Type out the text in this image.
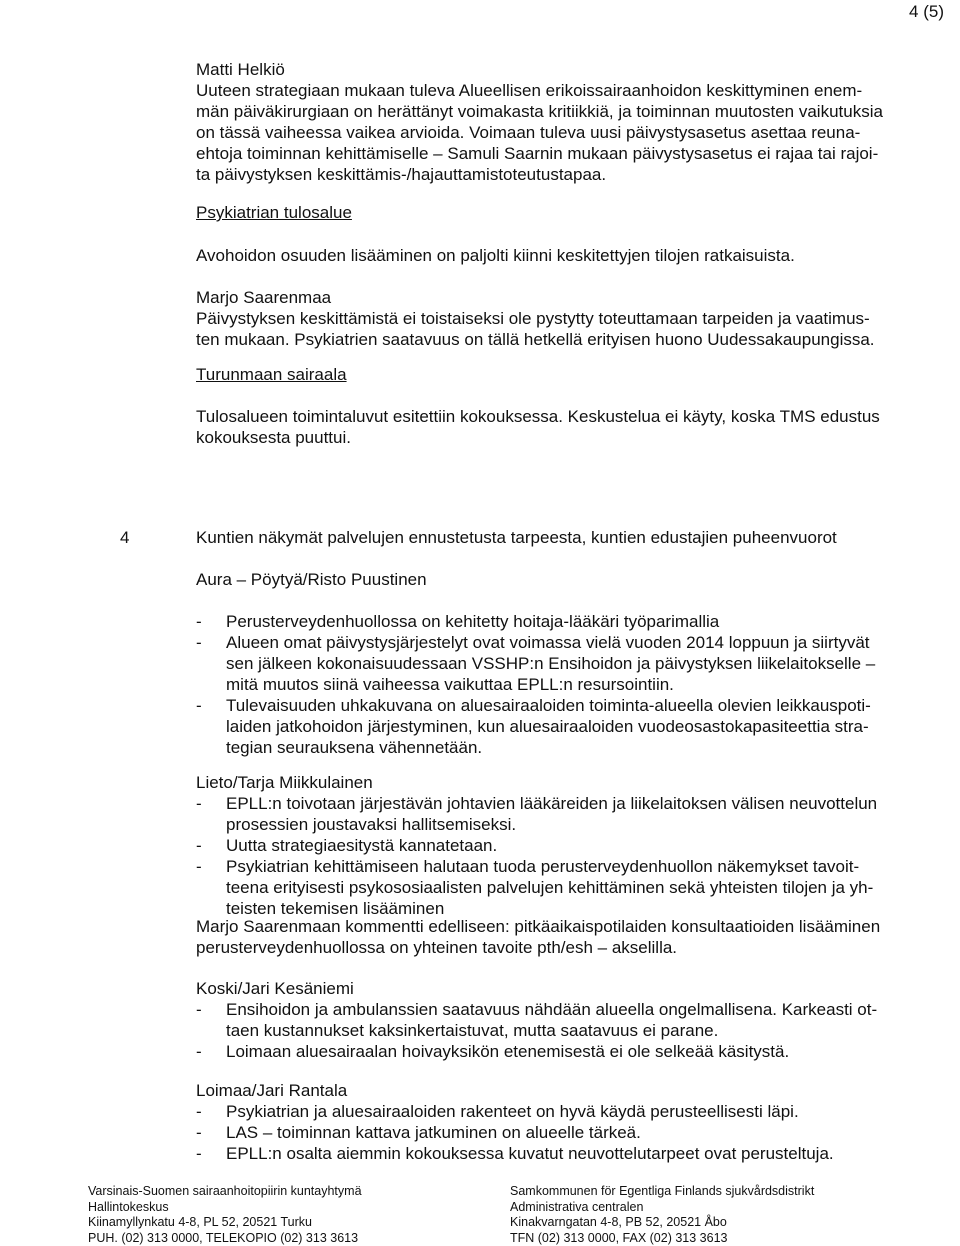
4 (5)
Matti Helkiö
Uuteen strategiaan mukaan tuleva Alueellisen erikoissairaanhoidon keskittyminen enem-
män päiväkirurgiaan on herättänyt voimakasta kritiikkiä, ja toiminnan muutosten vaikutuksia
on tässä vaiheessa vaikea arvioida. Voimaan tuleva uusi päivystysasetus asettaa reuna-
ehtoja toiminnan kehittämiselle – Samuli Saarnin mukaan päivystysasetus ei rajaa tai rajoi-
ta päivystyksen keskittämis-/hajauttamistoteutustapaa.
Psykiatrian tulosalue
Avohoidon osuuden lisääminen on paljolti kiinni keskitettyjen tilojen ratkaisuista.
Marjo Saarenmaa
Päivystyksen keskittämistä ei toistaiseksi ole pystytty toteuttamaan tarpeiden ja vaatimus-
ten mukaan. Psykiatrien saatavuus on tällä hetkellä erityisen huono Uudessakaupungissa.
Turunmaan sairaala
Tulosalueen toimintaluvut esitettiin kokouksessa. Keskustelua ei käyty, koska TMS edustus
kokouksesta puuttui.
4	Kuntien näkymät palvelujen ennustetusta tarpeesta, kuntien edustajien puheenvuorot
Aura – Pöytyä/Risto Puustinen
- Perusterveydenhuollossa on kehitetty hoitaja-lääkäri työparimallia
- Alueen omat päivystysjärjestelyt ovat voimassa vielä vuoden 2014 loppuun ja siirtyvät
sen jälkeen kokonaisuudessaan VSSHP:n Ensihoidon ja päivystyksen liikelaitokselle –
mitä muutos siinä vaiheessa vaikuttaa EPLL:n resursointiin.
- Tulevaisuuden uhkakuvana on aluesairaaloiden toiminta-alueella olevien leikkauspoti-
laiden jatkohoidon järjestyminen, kun aluesairaaloiden vuodeosastokapasiteettia stra-
tegian seurauksena vähennetään.
Lieto/Tarja Miikkulainen
- EPLL:n toivotaan järjestävän johtavien lääkäreiden ja liikelaitoksen välisen neuvottelun
prosessien joustavaksi hallitsemiseksi.
- Uutta strategiaesitystä kannatetaan.
- Psykiatrian kehittämiseen halutaan tuoda perusterveydenhuollon näkemykset tavoit-
teena erityisesti psykososiaalisten palvelujen kehittäminen sekä yhteisten tilojen ja yh-
teisten tekemisen lisääminen
Marjo Saarenmaan kommentti edelliseen: pitkäaikaispotilaiden konsultaatioiden lisääminen
perusterveydenhuollossa on yhteinen tavoite pth/esh – akselilla.
Koski/Jari Kesäniemi
- Ensihoidon ja ambulanssien saatavuus nähdään alueella ongelmallisena. Karkeasti ot-
taen kustannukset kaksinkertaistuvat, mutta saatavuus ei parane.
- Loimaan aluesairaalan hoivayksikön etenemisestä ei ole selkeää käsitystä.
Loimaa/Jari Rantala
- Psykiatrian ja aluesairaaloiden rakenteet on hyvä käydä perusteellisesti läpi.
- LAS – toiminnan kattava jatkuminen on alueelle tärkeä.
- EPLL:n osalta aiemmin kokouksessa kuvatut neuvottelutarpeet ovat perusteltuja.
Varsinais-Suomen sairaanhoitopiirin kuntayhtymä
Hallintokeskus
Kiinamyllynkatu 4-8, PL 52, 20521 Turku
PUH. (02) 313 0000, TELEKOPIO (02) 313 3613
Samkommunen för Egentliga Finlands sjukvårdsdistrikt
Administrativa centralen
Kinakvarngatan 4-8, PB 52, 20521 Åbo
TFN (02) 313 0000, FAX (02) 313 3613
